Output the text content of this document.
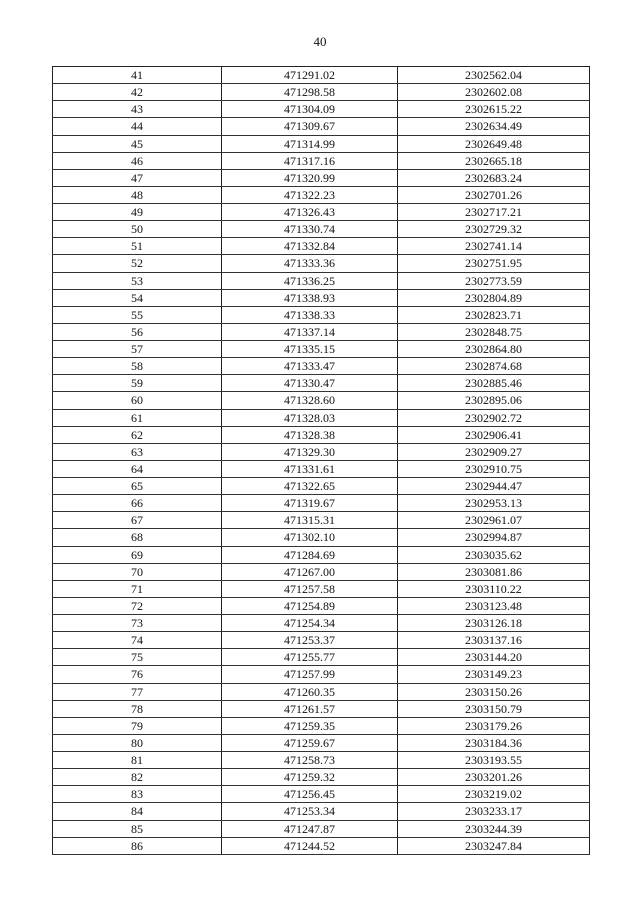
40
41	471291.02	2302562.04
42	471298.58	2302602.08
43	471304.09	2302615.22
44	471309.67	2302634.49
45	471314.99	2302649.48
46	471317.16	2302665.18
47	471320.99	2302683.24
48	471322.23	2302701.26
49	471326.43	2302717.21
50	471330.74	2302729.32
51	471332.84	2302741.14
52	471333.36	2302751.95
53	471336.25	2302773.59
54	471338.93	2302804.89
55	471338.33	2302823.71
56	471337.14	2302848.75
57	471335.15	2302864.80
58	471333.47	2302874.68
59	471330.47	2302885.46
60	471328.60	2302895.06
61	471328.03	2302902.72
62	471328.38	2302906.41
63	471329.30	2302909.27
64	471331.61	2302910.75
65	471322.65	2302944.47
66	471319.67	2302953.13
67	471315.31	2302961.07
68	471302.10	2302994.87
69	471284.69	2303035.62
70	471267.00	2303081.86
71	471257.58	2303110.22
72	471254.89	2303123.48
73	471254.34	2303126.18
74	471253.37	2303137.16
75	471255.77	2303144.20
76	471257.99	2303149.23
77	471260.35	2303150.26
78	471261.57	2303150.79
79	471259.35	2303179.26
80	471259.67	2303184.36
81	471258.73	2303193.55
82	471259.32	2303201.26
83	471256.45	2303219.02
84	471253.34	2303233.17
85	471247.87	2303244.39
86	471244.52	2303247.84
